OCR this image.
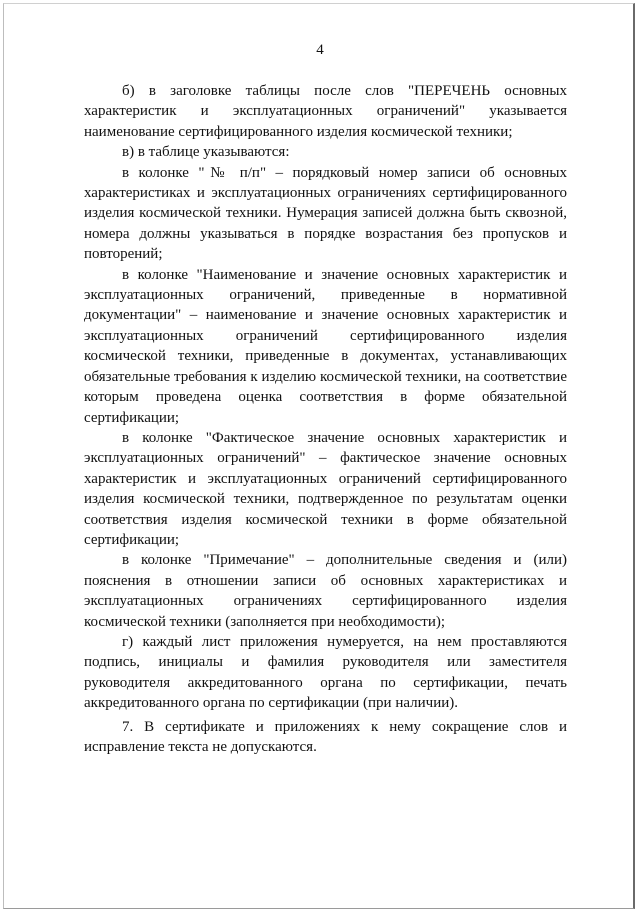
4

б) в заголовке таблицы после слов "ПЕРЕЧЕНЬ основных характеристик и эксплуатационных ограничений" указывается наименование сертифицированного изделия космической техники;

в) в таблице указываются:

в колонке "№ п/п" – порядковый номер записи об основных характеристиках и эксплуатационных ограничениях сертифицированного изделия космической техники. Нумерация записей должна быть сквозной, номера должны указываться в порядке возрастания без пропусков и повторений;

в колонке "Наименование и значение основных характеристик и эксплуатационных ограничений, приведенные в нормативной документации" – наименование и значение основных характеристик и эксплуатационных ограничений сертифицированного изделия космической техники, приведенные в документах, устанавливающих обязательные требования к изделию космической техники, на соответствие которым проведена оценка соответствия в форме обязательной сертификации;

в колонке "Фактическое значение основных характеристик и эксплуатационных ограничений" – фактическое значение основных характеристик и эксплуатационных ограничений сертифицированного изделия космической техники, подтвержденное по результатам оценки соответствия изделия космической техники в форме обязательной сертификации;

в колонке "Примечание" – дополнительные сведения и (или) пояснения в отношении записи об основных характеристиках и эксплуатационных ограничениях сертифицированного изделия космической техники (заполняется при необходимости);

г) каждый лист приложения нумеруется, на нем проставляются подпись, инициалы и фамилия руководителя или заместителя руководителя аккредитованного органа по сертификации, печать аккредитованного органа по сертификации (при наличии).

7. В сертификате и приложениях к нему сокращение слов и исправление текста не допускаются.
